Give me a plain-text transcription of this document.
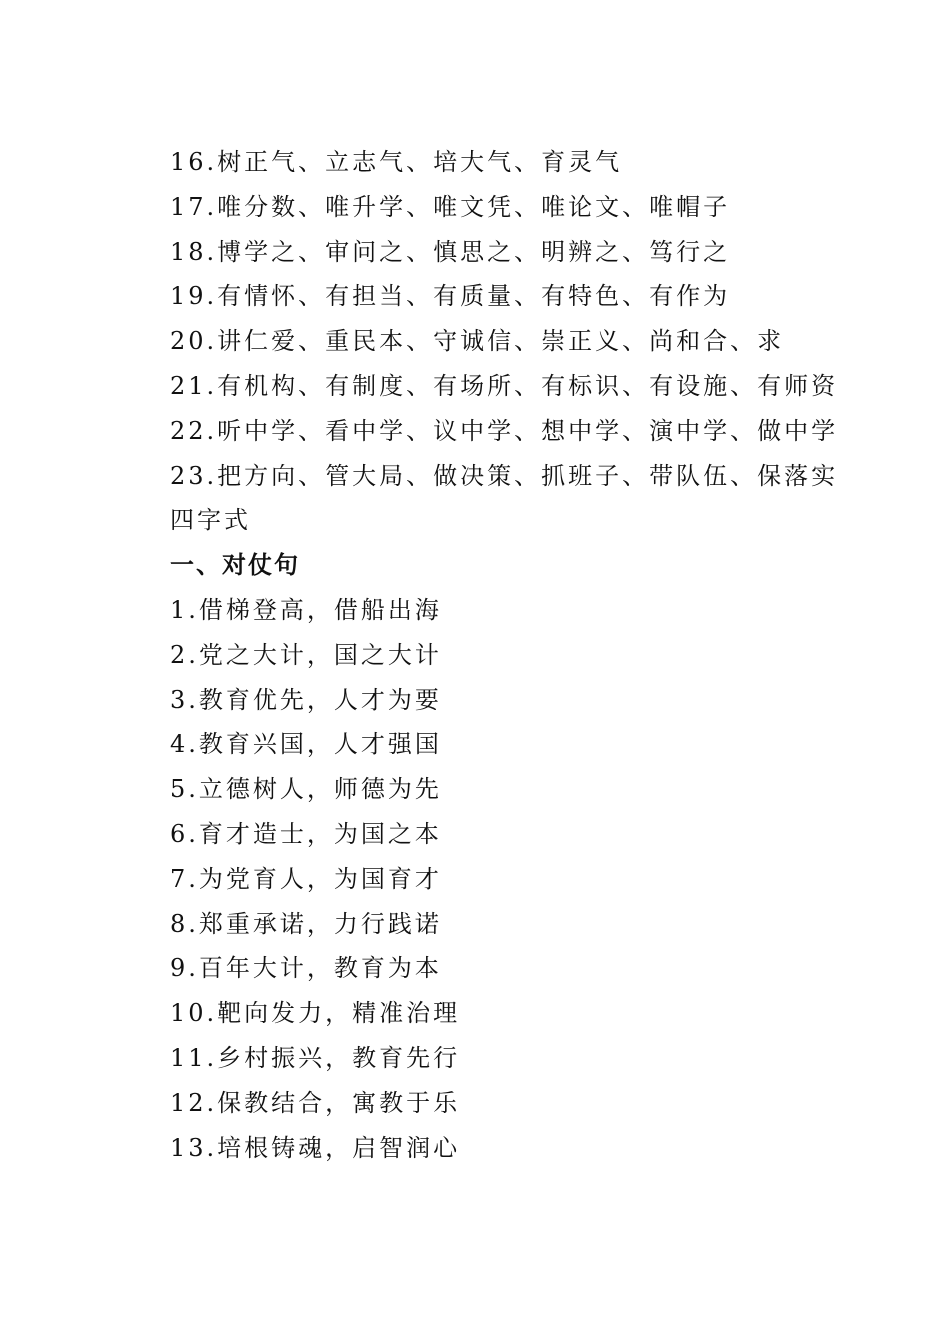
16.树正气、立志气、培大气、育灵气
17.唯分数、唯升学、唯文凭、唯论文、唯帽子
18.博学之、审问之、慎思之、明辨之、笃行之
19.有情怀、有担当、有质量、有特色、有作为
20.讲仁爱、重民本、守诚信、崇正义、尚和合、求
21.有机构、有制度、有场所、有标识、有设施、有师资
22.听中学、看中学、议中学、想中学、演中学、做中学
23.把方向、管大局、做决策、抓班子、带队伍、保落实
四字式
一、对仗句
1.借梯登高，借船出海
2.党之大计，国之大计
3.教育优先，人才为要
4.教育兴国，人才强国
5.立德树人，师德为先
6.育才造士，为国之本
7.为党育人，为国育才
8.郑重承诺，力行践诺
9.百年大计，教育为本
10.靶向发力，精准治理
11.乡村振兴，教育先行
12.保教结合，寓教于乐
13.培根铸魂，启智润心
